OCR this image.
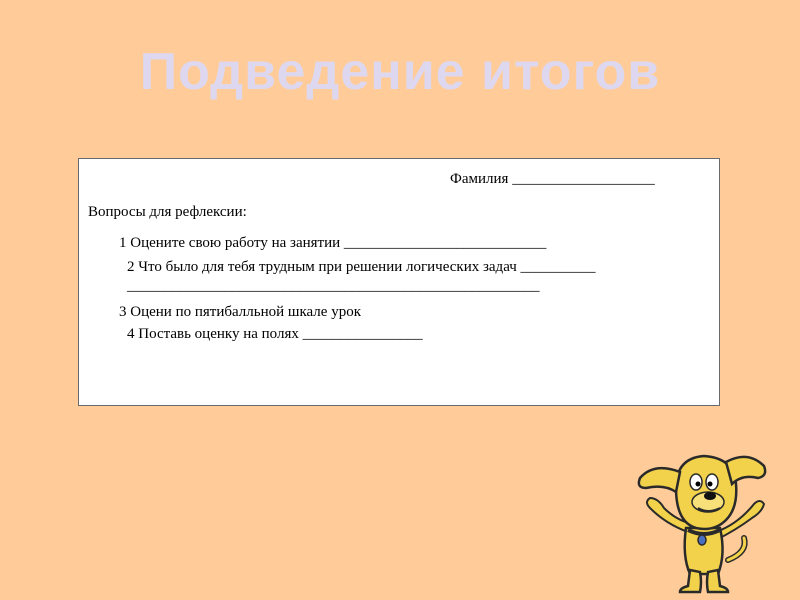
Подведение итогов
Фамилия ___________________
Вопросы для рефлексии:
1 Оцените свою работу на занятии ___________________________
2 Что было для тебя трудным при решении логических задач __________
_______________________________________________________
3 Оцени по пятибалльной шкале урок
4 Поставь оценку на полях ________________
